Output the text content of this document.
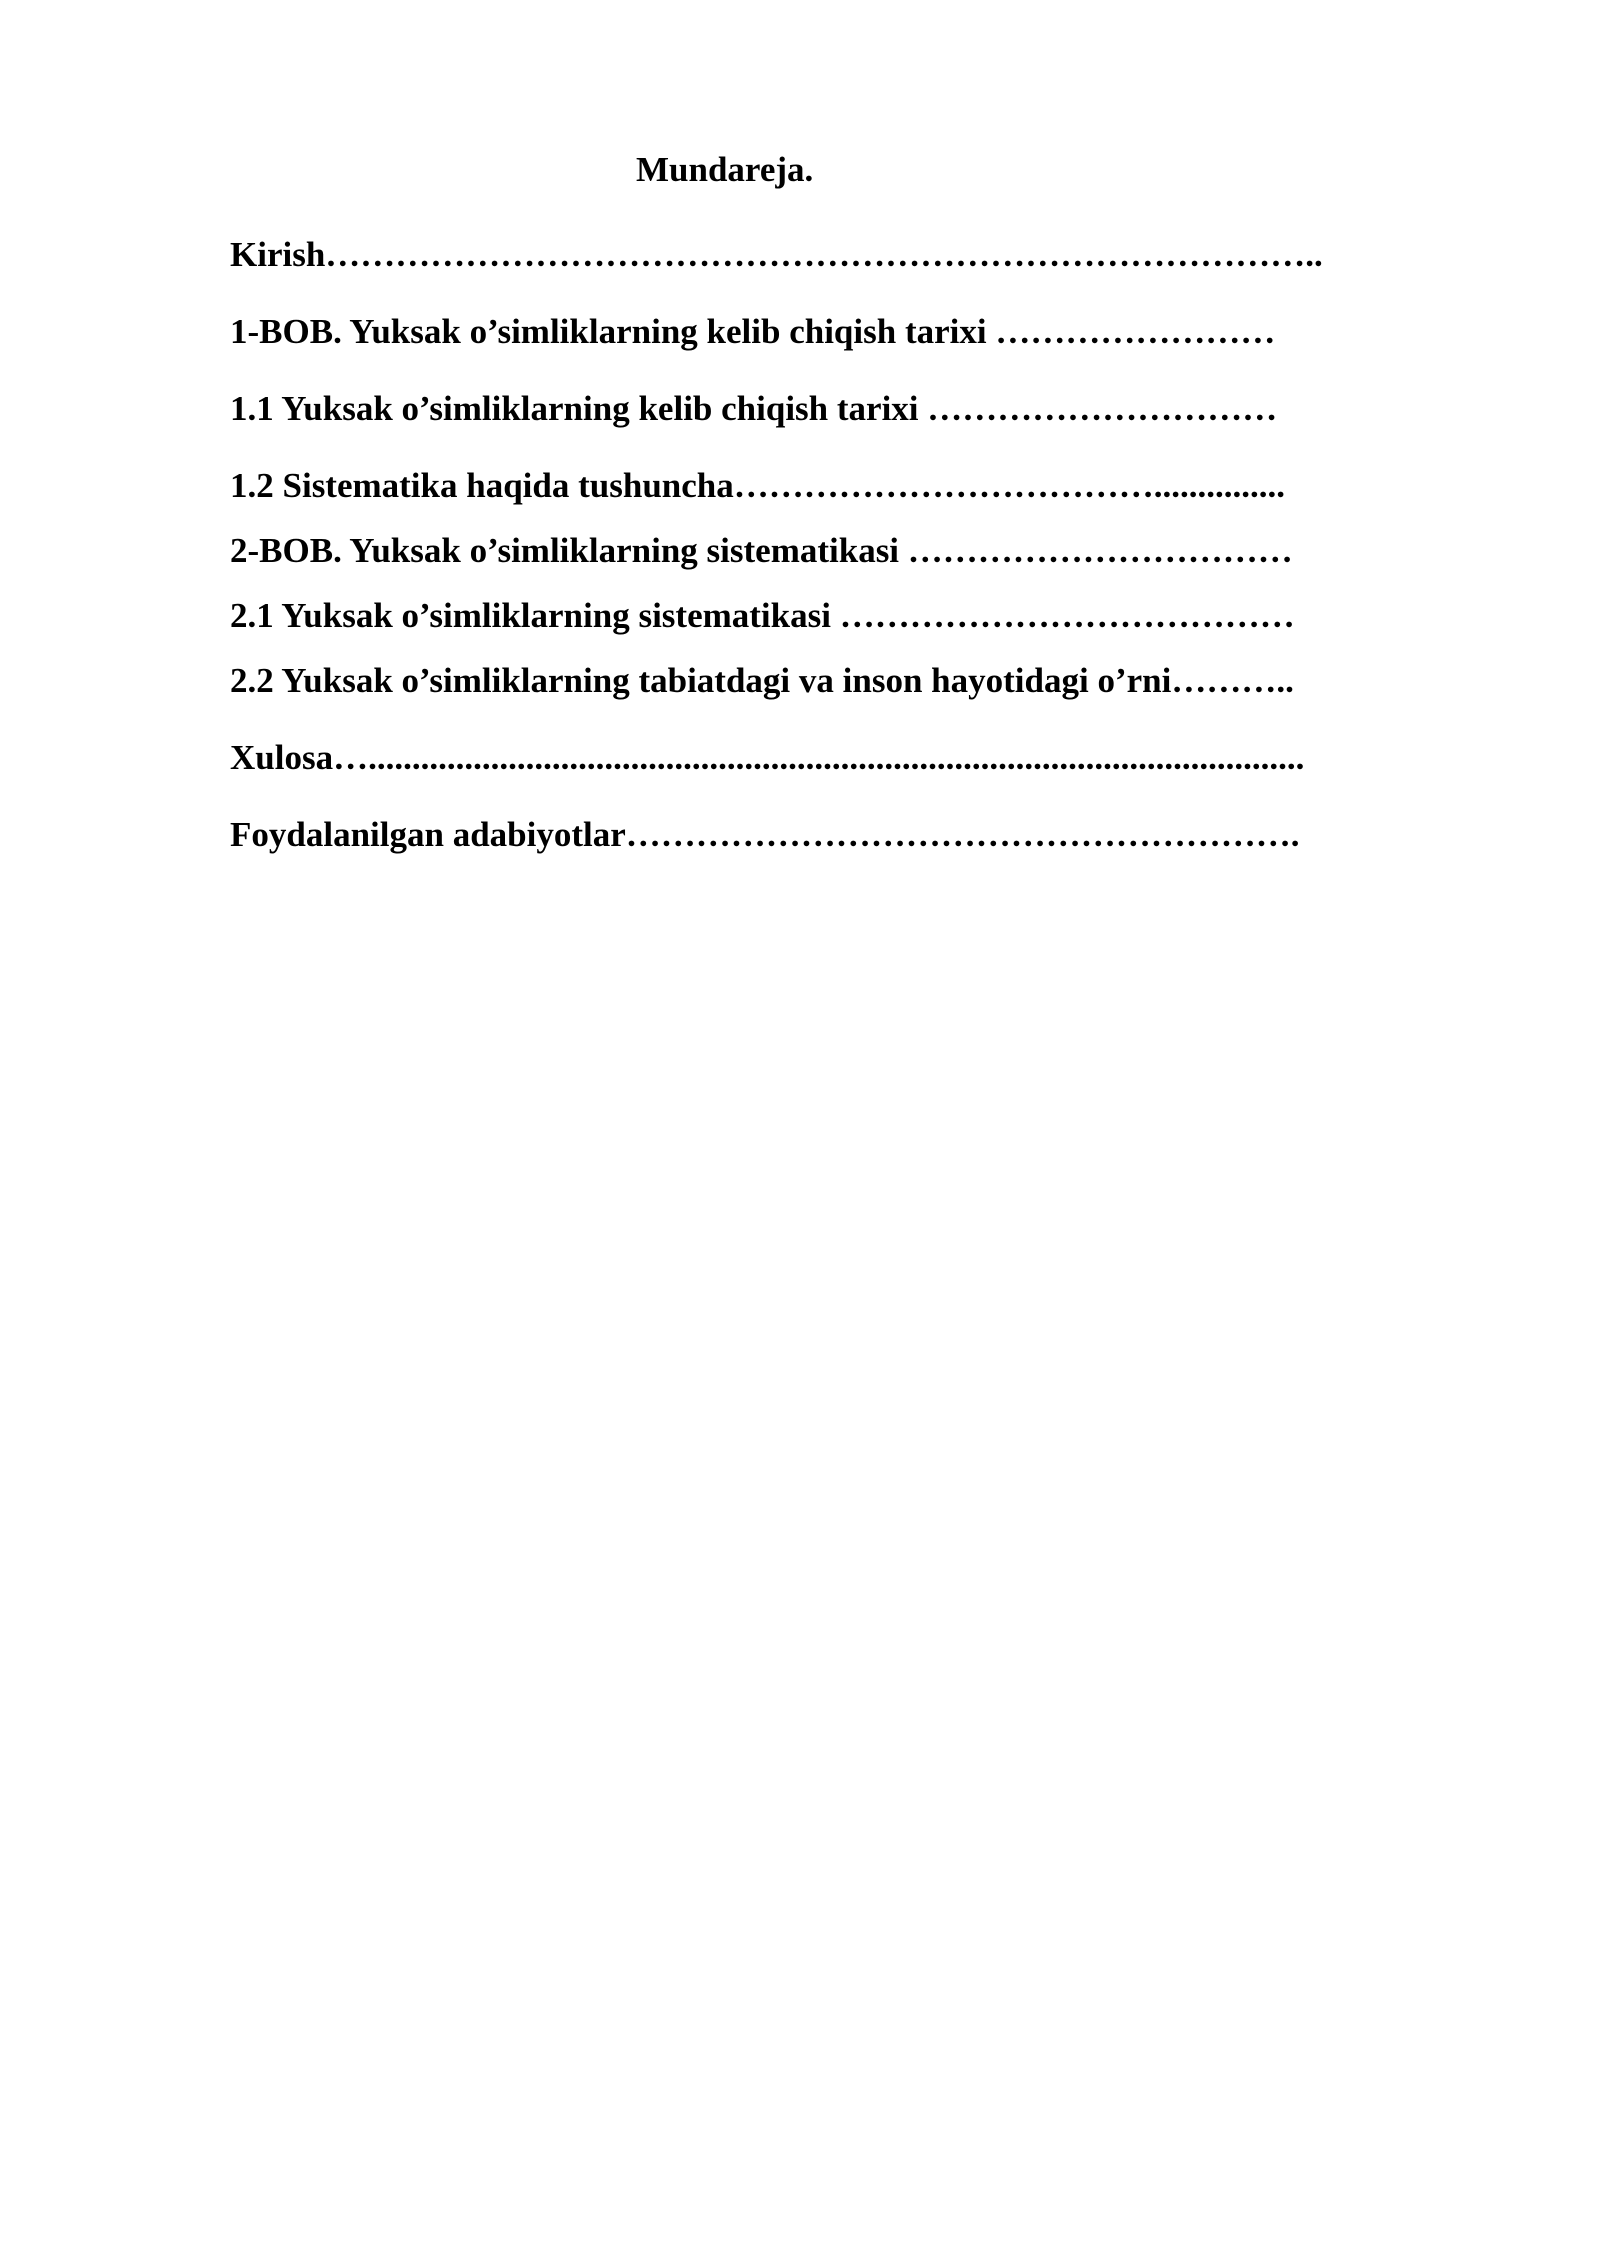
Mundareja.
Kirish…………………………………………………………………………..
1-BOB. Yuksak o’simliklarning kelib chiqish tarixi ……………………
1.1 Yuksak o’simliklarning kelib chiqish tarixi …………………………
1.2 Sistematika haqida tushuncha………………………………...............
2-BOB. Yuksak o’simliklarning sistematikasi ……………………………
2.1 Yuksak o’simliklarning sistematikasi …………………………………
2.2 Yuksak o’simliklarning tabiatdagi va inson hayotidagi o’rni………..
Xulosa…...........................................................................................................
Foydalanilgan adabiyotlar………………………………………………….
